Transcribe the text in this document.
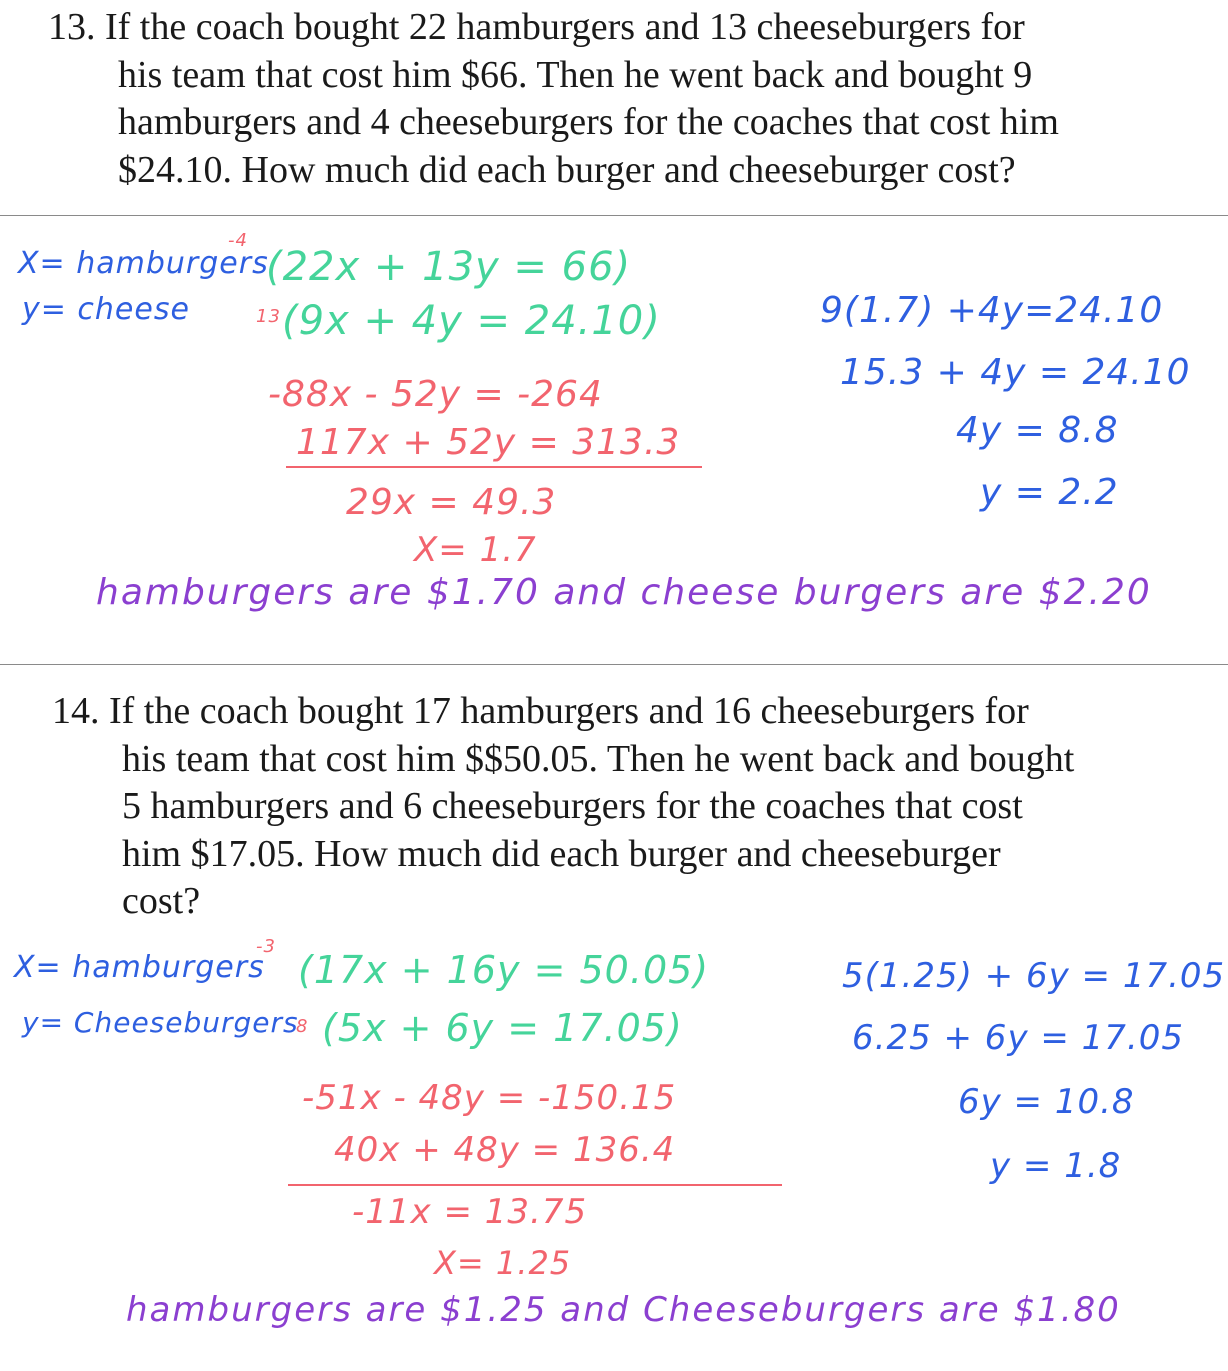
13. If the coach bought 22 hamburgers and 13 cheeseburgers for
his team that cost him $66. Then he went back and bought 9
hamburgers and 4 cheeseburgers for the coaches that cost him
$24.10. How much did each burger and cheeseburger cost?
X= hamburgers
y= cheese
-4
13
(22x + 13y = 66)
(9x + 4y = 24.10)
-88x - 52y = -264
117x + 52y = 313.3
29x = 49.3
X= 1.7
9(1.7) +4y=24.10
15.3 + 4y = 24.10
4y = 8.8
y = 2.2
hamburgers are $1.70 and cheese burgers are $2.20
14. If the coach bought 17 hamburgers and 16 cheeseburgers for
his team that cost him $$50.05. Then he went back and bought
5 hamburgers and 6 cheeseburgers for the coaches that cost
him $17.05. How much did each burger and cheeseburger
cost?
X= hamburgers
y= Cheeseburgers
-3
8
(17x + 16y = 50.05)
(5x + 6y = 17.05)
-51x - 48y = -150.15
40x + 48y = 136.4
-11x = 13.75
X= 1.25
5(1.25) + 6y = 17.05
6.25 + 6y = 17.05
6y = 10.8
y = 1.8
hamburgers are $1.25 and Cheeseburgers are $1.80
